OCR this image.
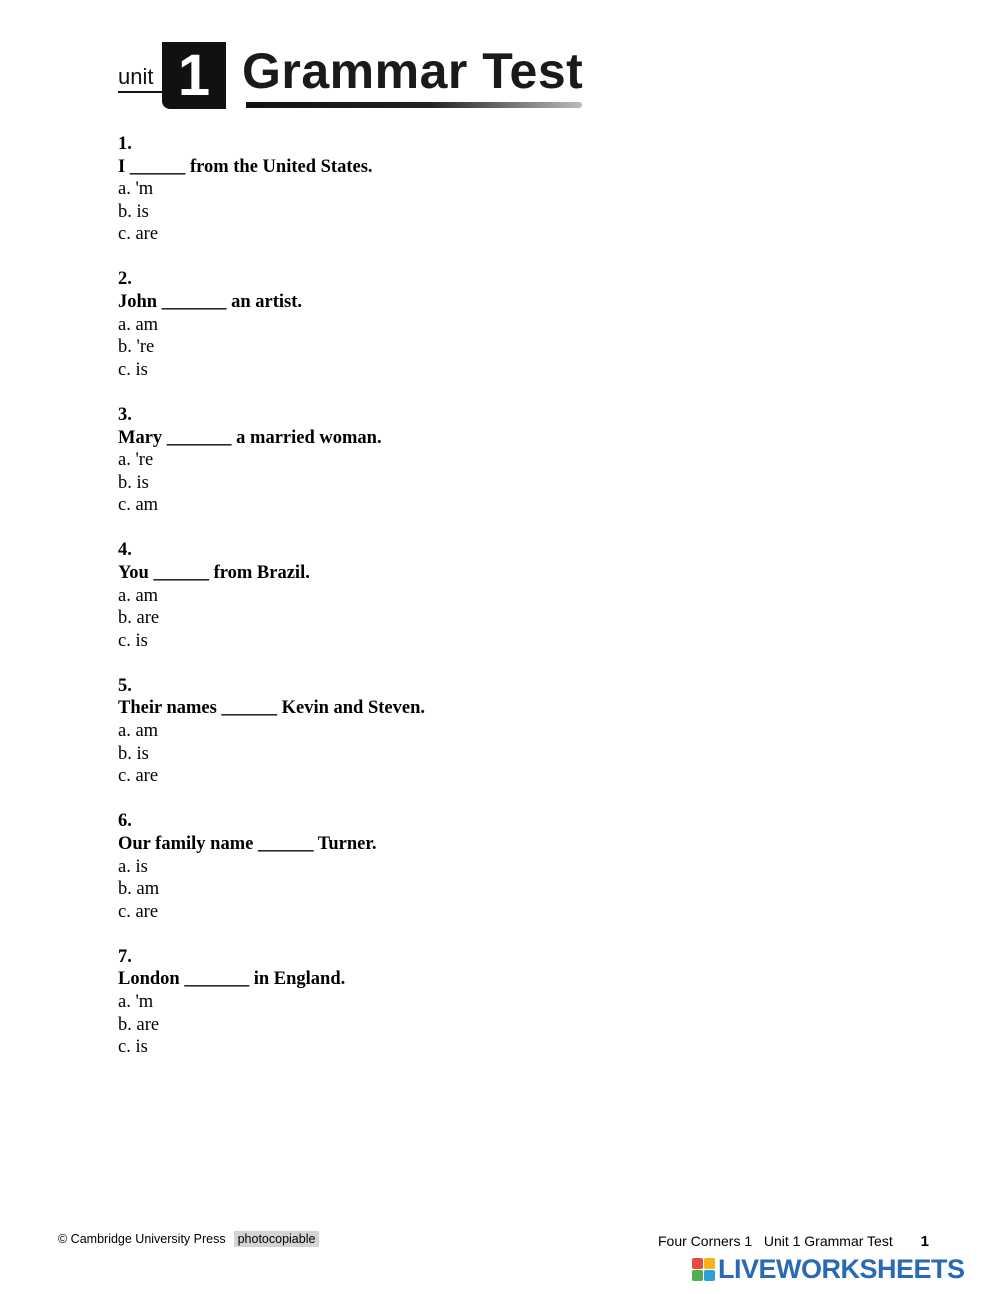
unit 1 Grammar Test
1.
I ______ from the United States.
a. 'm
b. is
c. are
2.
John _______ an artist.
a. am
b. 're
c. is
3.
Mary _______ a married woman.
a. 're
b. is
c. am
4.
You ______ from Brazil.
a. am
b. are
c. is
5.
Their names ______ Kevin and Steven.
a. am
b. is
c. are
6.
Our family name ______ Turner.
a. is
b. am
c. are
7.
London _______ in England.
a. 'm
b. are
c. is
© Cambridge University Press photocopiable	Four Corners 1 Unit 1 Grammar Test 1
LIVEWORKSHEETS
